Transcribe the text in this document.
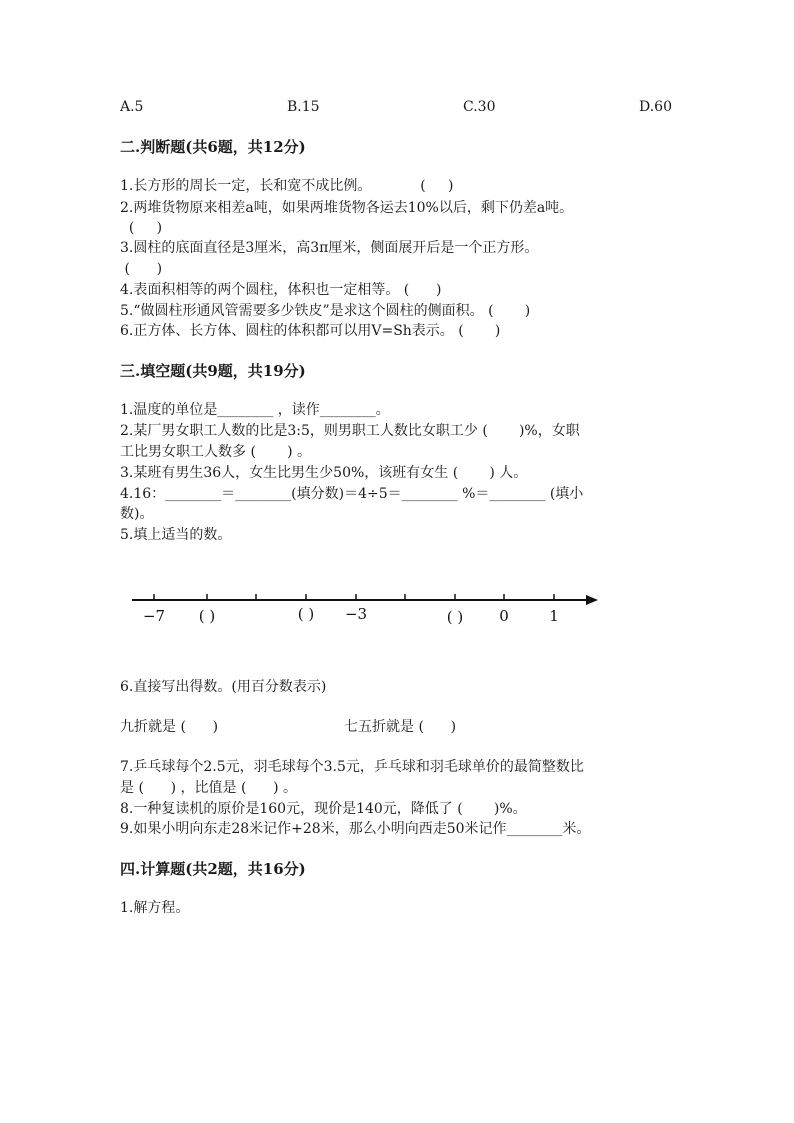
A.5	B.15	C.30	D.60
二.判断题(共6题，共12分)
1.长方形的周长一定，长和宽不成比例。           (     )
2.两堆货物原来相差a吨，如果两堆货物各运去10%以后，剩下仍差a吨。
(     )
3.圆柱的底面直径是3厘米，高3π厘米，侧面展开后是一个正方形。
(      )
4.表面积相等的两个圆柱，体积也一定相等。 (      )
5.“做圆柱形通风管需要多少铁皮”是求这个圆柱的侧面积。 (       )
6.正方体、长方体、圆柱的体积都可以用V=Sh表示。 (       )
三.填空题(共9题，共19分)
1.温度的单位是________ ，读作________。
2.某厂男女职工人数的比是3:5，则男职工人数比女职工少 (       )%，女职
工比男女职工人数多 (       ) 。
3.某班有男生36人，女生比男生少50%，该班有女生 (       ) 人。
4.16：________＝________(填分数)＝4÷5＝________ %＝________ (填小
数)。
5.填上适当的数。
−7 ( )	( ) −3	( ) 0	1
6.直接写出得数。(用百分数表示)
九折就是 (      )	七五折就是 (      )
7.乒乓球每个2.5元，羽毛球每个3.5元，乒乓球和羽毛球单价的最简整数比
是 (      ) ，比值是 (      ) 。
8.一种复读机的原价是160元，现价是140元，降低了 (       )%。
9.如果小明向东走28米记作+28米，那么小明向西走50米记作________米。
四.计算题(共2题，共16分)
1.解方程。
